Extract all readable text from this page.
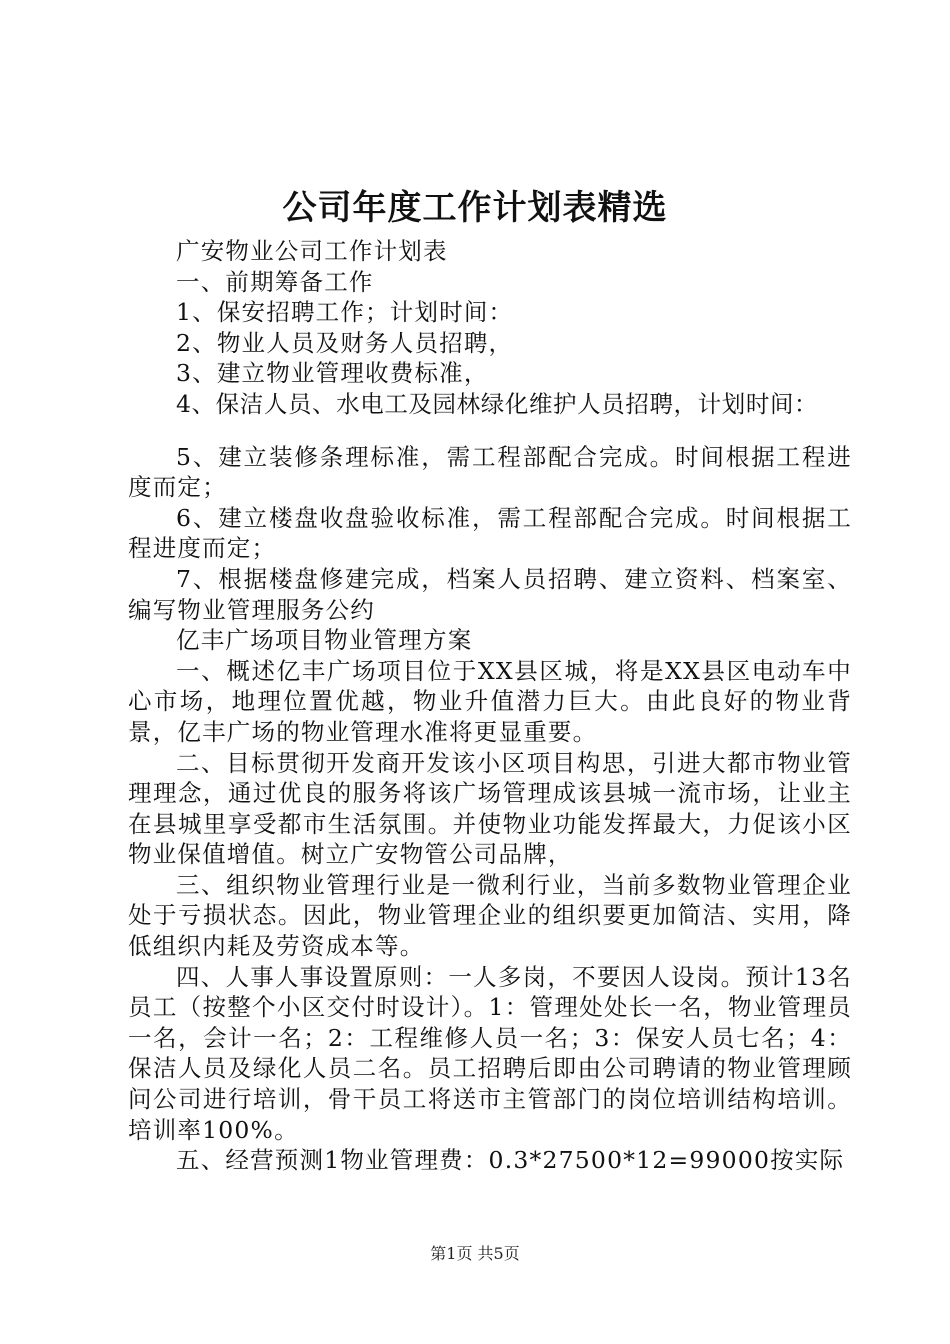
公司年度工作计划表精选

广安物业公司工作计划表

一、前期筹备工作

1、保安招聘工作；计划时间：

2、物业人员及财务人员招聘，

3、建立物业管理收费标准，

4、保洁人员、水电工及园林绿化维护人员招聘，计划时间：

5、建立装修条理标准，需工程部配合完成。时间根据工程进度而定；

6、建立楼盘收盘验收标准，需工程部配合完成。时间根据工程进度而定；

7、根据楼盘修建完成，档案人员招聘、建立资料、档案室、编写物业管理服务公约

亿丰广场项目物业管理方案

一、概述亿丰广场项目位于XX县区城，将是XX县区电动车中心市场，地理位置优越，物业升值潜力巨大。由此良好的物业背景，亿丰广场的物业管理水准将更显重要。

二、目标贯彻开发商开发该小区项目构思，引进大都市物业管理理念，通过优良的服务将该广场管理成该县城一流市场，让业主在县城里享受都市生活氛围。并使物业功能发挥最大，力促该小区物业保值增值。树立广安物管公司品牌，

三、组织物业管理行业是一微利行业，当前多数物业管理企业处于亏损状态。因此，物业管理企业的组织要更加简洁、实用，降低组织内耗及劳资成本等。

四、人事人事设置原则：一人多岗，不要因人设岗。预计13名员工（按整个小区交付时设计）。1：管理处处长一名，物业管理员一名，会计一名；2：工程维修人员一名；3：保安人员七名；4：保洁人员及绿化人员二名。员工招聘后即由公司聘请的物业管理顾问公司进行培训，骨干员工将送市主管部门的岗位培训结构培训。培训率100%。

五、经营预测1物业管理费：0.3*27500*12=99000按实际

第1页 共5页
